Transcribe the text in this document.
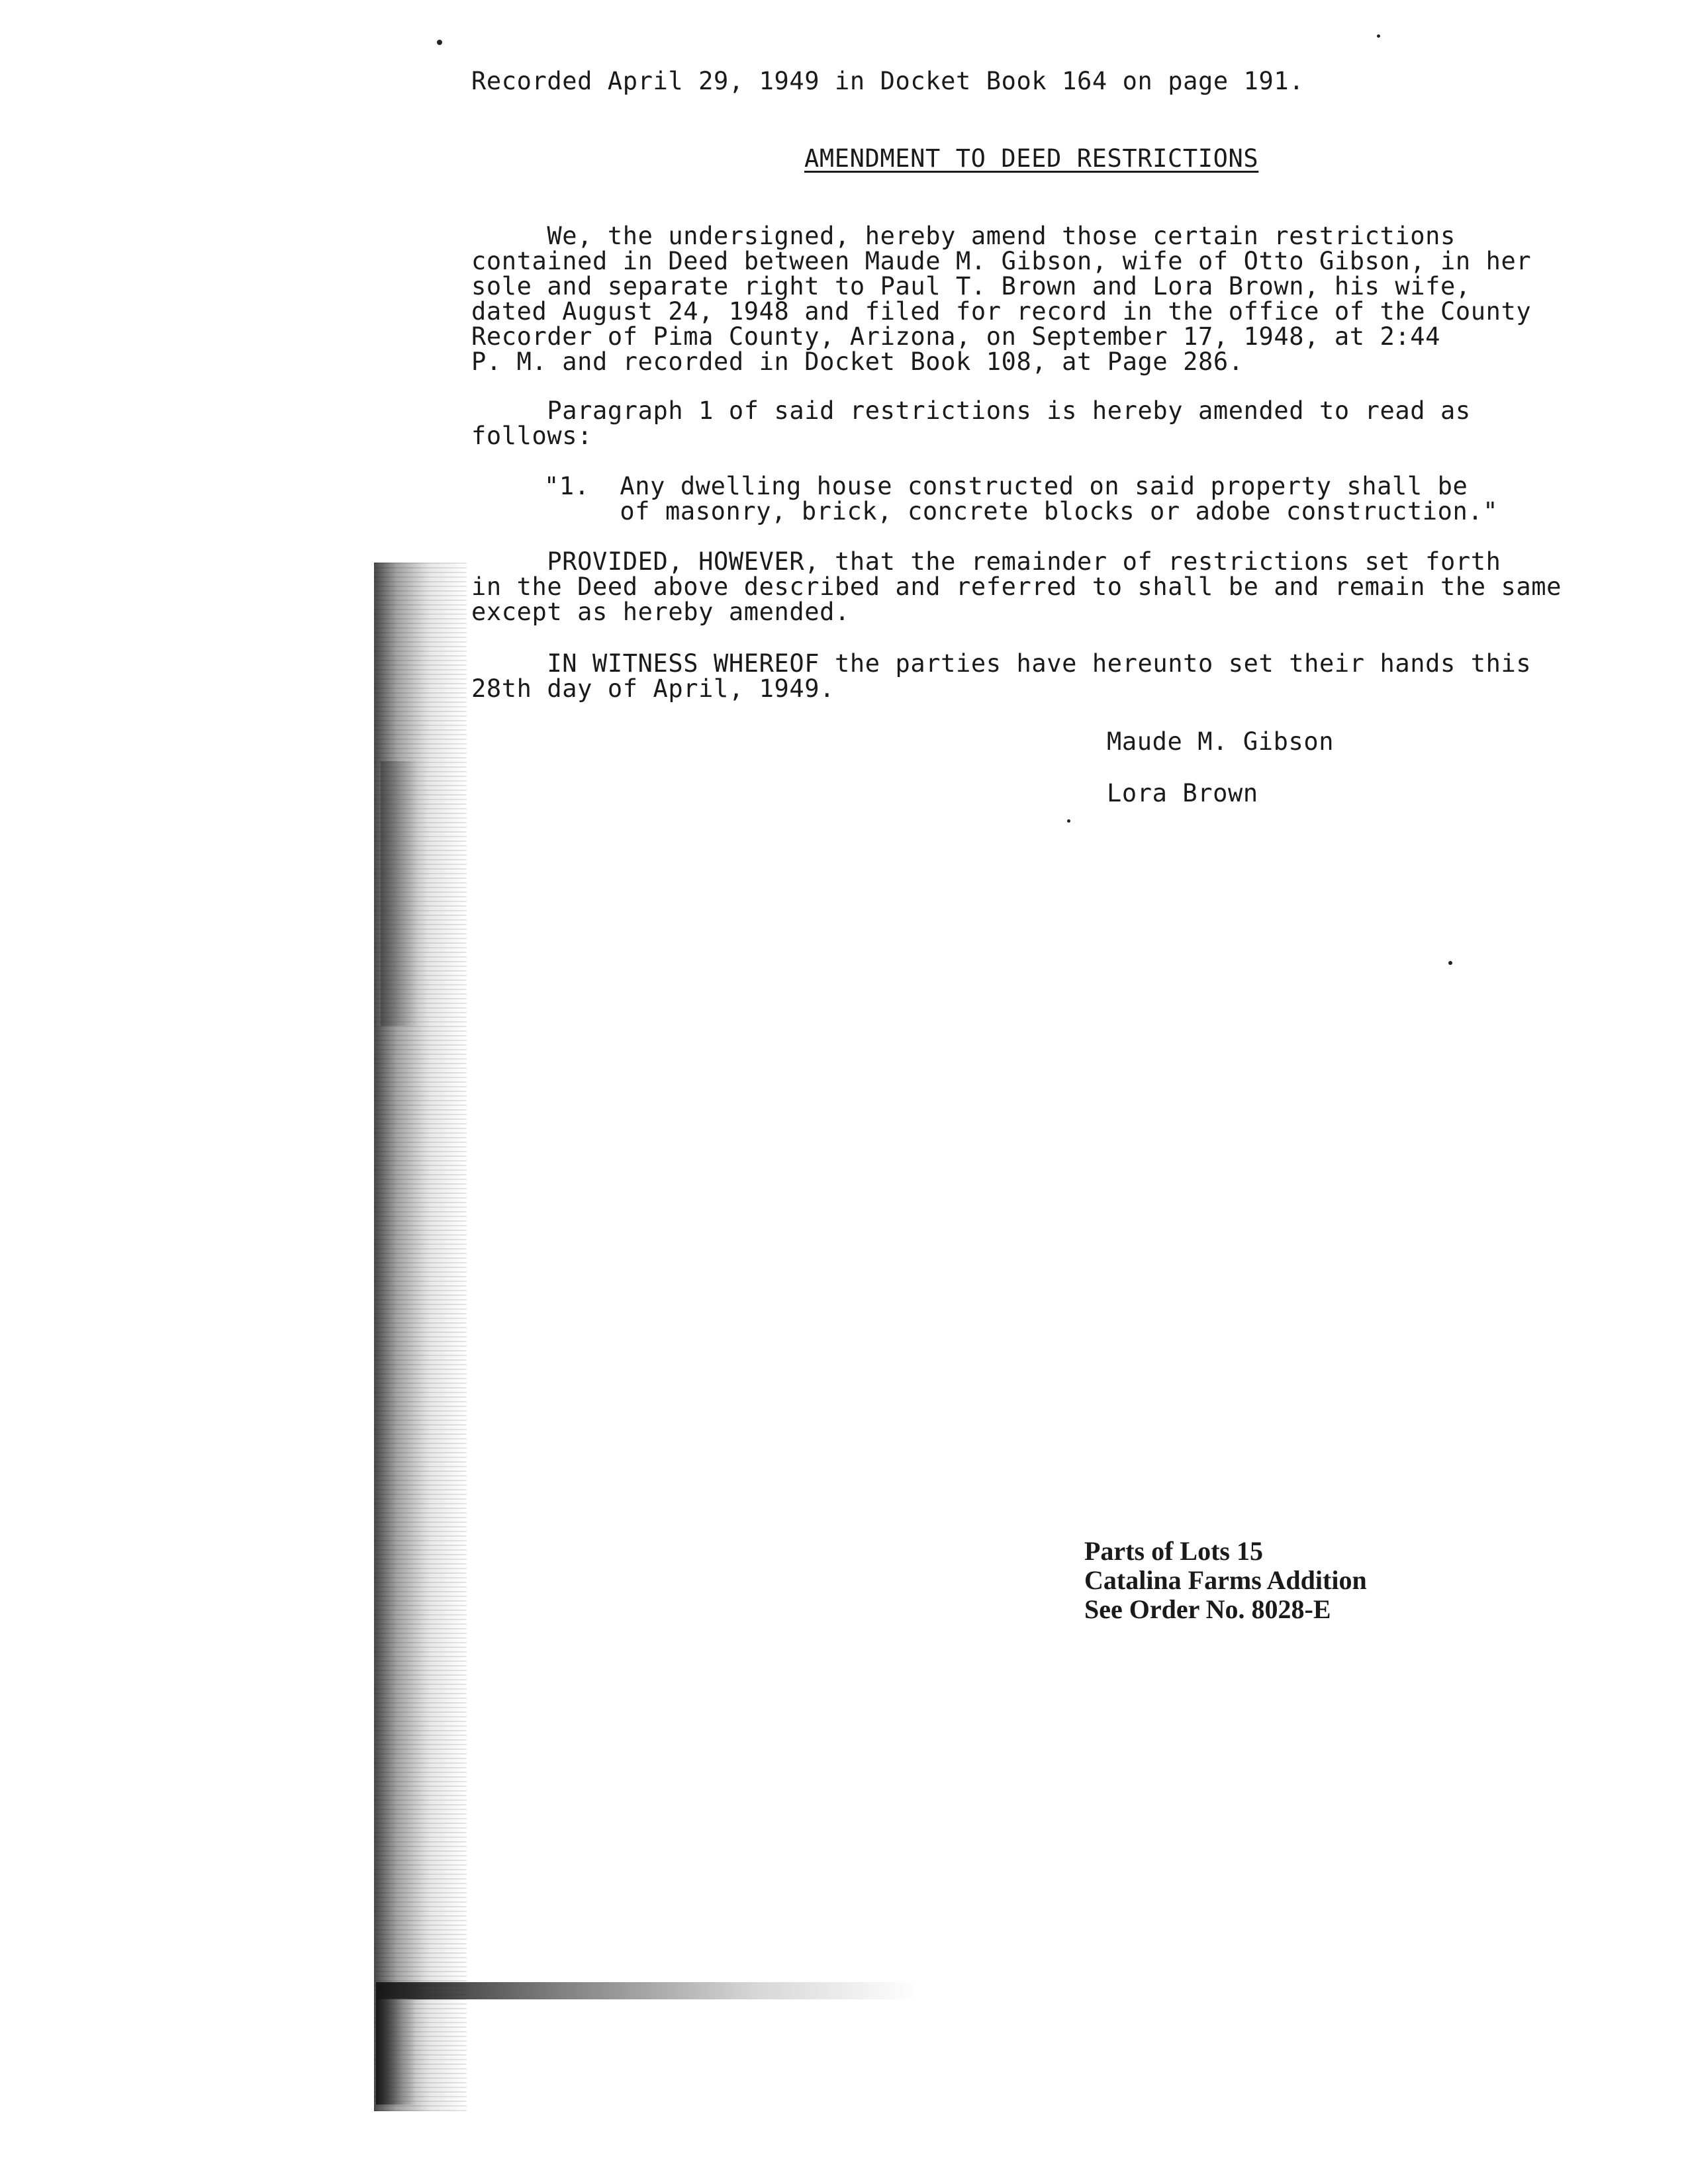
Recorded April 29, 1949 in Docket Book 164 on page 191.
AMENDMENT TO DEED RESTRICTIONS
We, the undersigned, hereby amend those certain restrictions
contained in Deed between Maude M. Gibson, wife of Otto Gibson, in her
sole and separate right to Paul T. Brown and Lora Brown, his wife,
dated August 24, 1948 and filed for record in the office of the County
Recorder of Pima County, Arizona, on September 17, 1948, at 2:44
P. M. and recorded in Docket Book 108, at Page 286.
Paragraph 1 of said restrictions is hereby amended to read as
follows:
"1.  Any dwelling house constructed on said property shall be
of masonry, brick, concrete blocks or adobe construction."
PROVIDED, HOWEVER, that the remainder of restrictions set forth
in the Deed above described and referred to shall be and remain the same
except as hereby amended.
IN WITNESS WHEREOF the parties have hereunto set their hands this
28th day of April, 1949.
Maude M. Gibson
Lora Brown
Parts of Lots 15
Catalina Farms Addition
See Order No. 8028-E
